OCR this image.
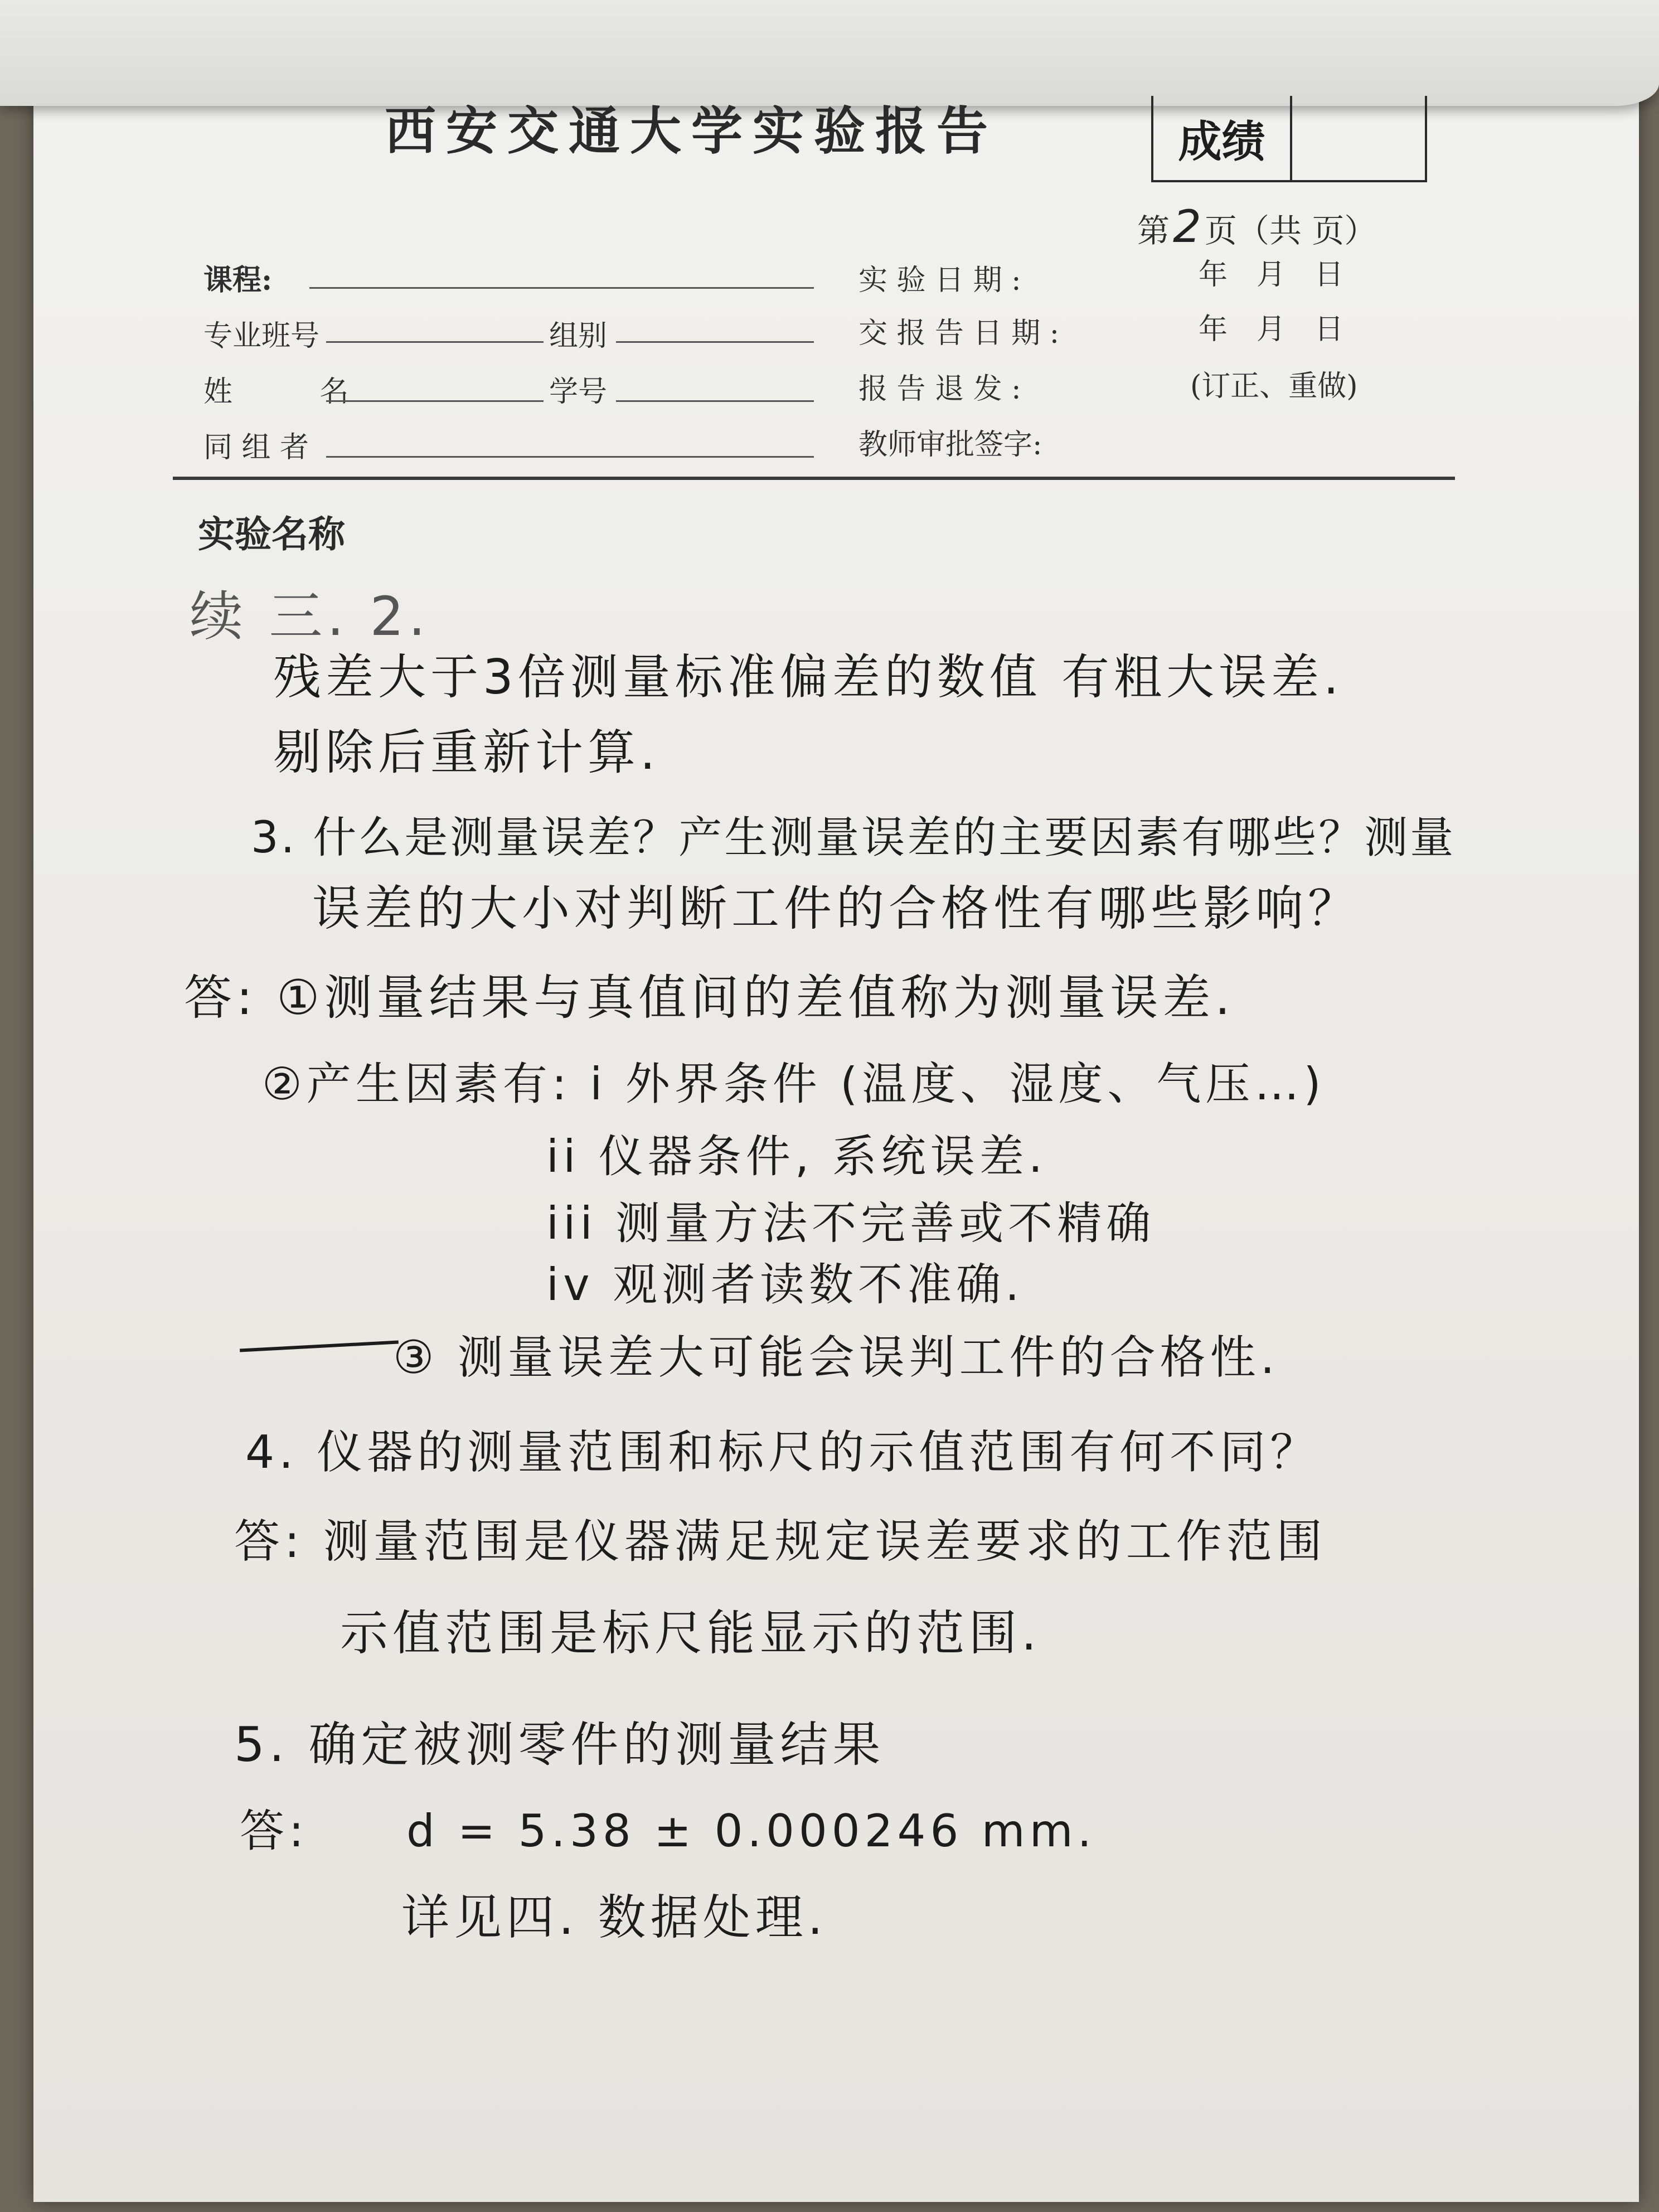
西安交通大学实验报告	成绩
第2 页（共 页）
课程:
专业班号	组别
姓 名	学号
同 组 者
实 验 日 期 :	年　月　日
交 报 告 日 期 :	年　月　日
报 告 退 发 :	(订正、重做)
教师审批签字:
实验名称
续 三. 2.
残差大于3倍测量标准偏差的数值 有粗大误差.
剔除后重新计算.
3. 什么是测量误差？产生测量误差的主要因素有哪些？测量
误差的大小对判断工件的合格性有哪些影响？
答: ①测量结果与真值间的差值称为测量误差.
②产生因素有: i 外界条件 (温度、湿度、气压…)
ii 仪器条件, 系统误差.
iii 测量方法不完善或不精确
iv 观测者读数不准确.
③ 测量误差大可能会误判工件的合格性.
4. 仪器的测量范围和标尺的示值范围有何不同？
答: 测量范围是仪器满足规定误差要求的工作范围
示值范围是标尺能显示的范围.
5. 确定被测零件的测量结果
答:　　d = 5.38 ± 0.000246 mm.
详见四. 数据处理.
